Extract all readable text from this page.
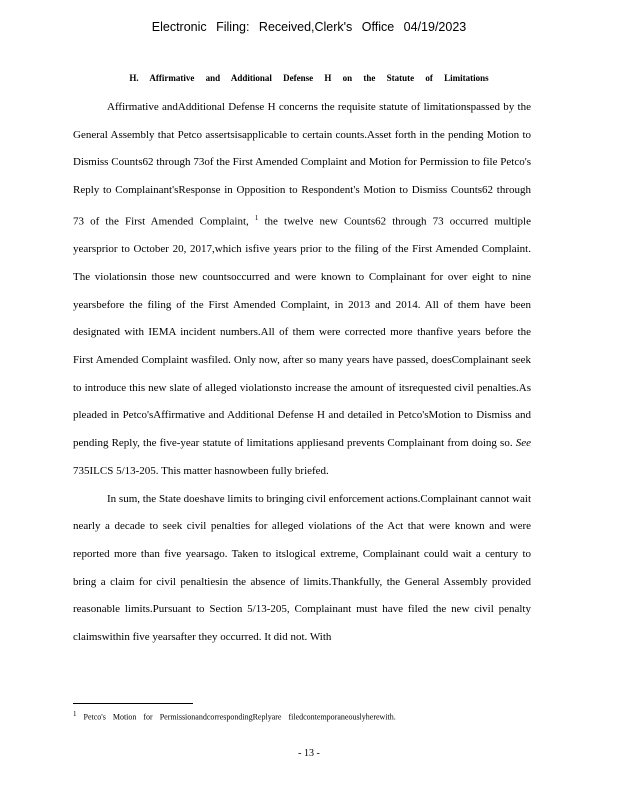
Electronic Filing: Received,Clerk's Office 04/19/2023
H. Affirmative and Additional Defense H on the Statute of Limitations

Affirmative andAdditional Defense H concerns the requisite statute of limitationspassed by the General Assembly that Petco assertsisapplicable to certain counts.Asset forth in the pending Motion to Dismiss Counts62 through 73of the First Amended Complaint and Motion for Permission to file Petco's Reply to Complainant'sResponse in Opposition to Respondent's Motion to Dismiss Counts62 through 73 of the First Amended Complaint, $^1$ the twelve new Counts62 through 73 occurred multiple yearsprior to October 20, 2017,which isfive years prior to the filing of the First Amended Complaint. The violationsin those new countsoccurred and were known to Complainant for over eight to nine yearsbefore the filing of the First Amended Complaint, in 2013 and 2014. All of them have been designated with IEMA incident numbers.All of them were corrected more thanfive years before the First Amended Complaint wasfiled. Only now, after so many years have passed, doesComplainant seek to introduce this new slate of alleged violationsto increase the amount of itsrequested civil penalties.As pleaded in Petco'sAffirmative and Additional Defense H and detailed in Petco'sMotion to Dismiss and pending Reply, the five-year statute of limitations appliesand prevents Complainant from doing so. See 735ILCS 5/13-205. This matter hasnowbeen fully briefed.

In sum, the State doeshave limits to bringing civil enforcement actions.Complainant cannot wait nearly a decade to seek civil penalties for alleged violations of the Act that were known and were reported more than five yearsago. Taken to itslogical extreme, Complainant could wait a century to bring a claim for civil penaltiesin the absence of limits.Thankfully, the General Assembly provided reasonable limits.Pursuant to Section 5/13-205, Complainant must have filed the new civil penalty claimswithin five yearsafter they occurred. It did not. With

$^1$ Petco's Motion for PermissionandcorrespondingReplyare filedcontemporaneouslyherewith.
- 13 -
